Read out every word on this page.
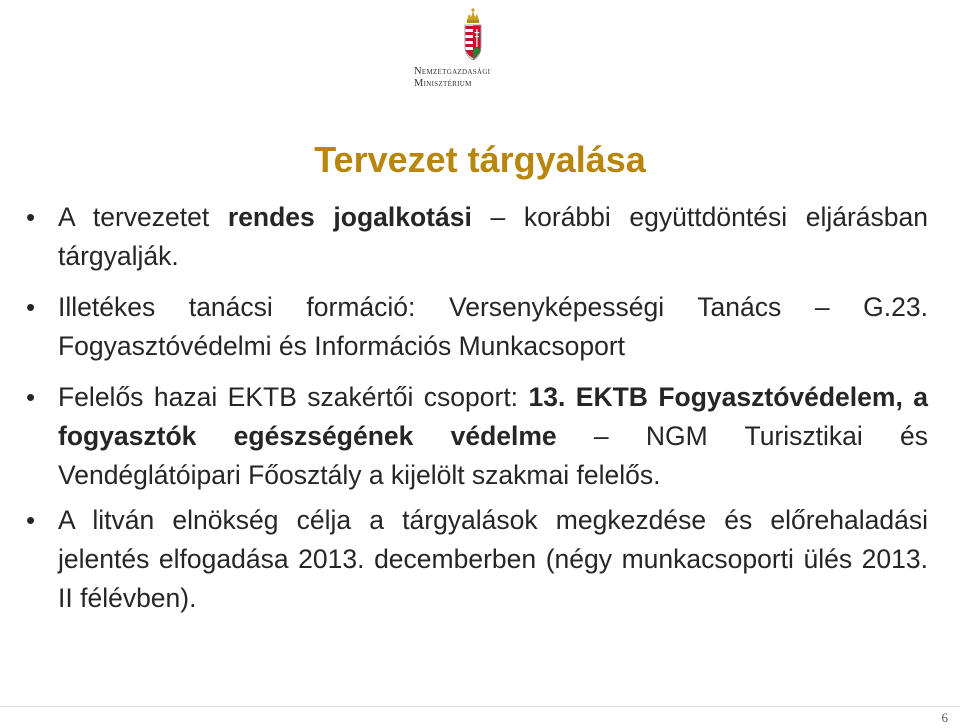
Nemzetgazdasági
Minisztérium
Tervezet tárgyalása
• A tervezetet rendes jogalkotási – korábbi együttdöntési eljárásban tárgyalják.
• Illetékes tanácsi formáció: Versenyképességi Tanács – G.23. Fogyasztóvédelmi és Információs Munkacsoport
• Felelős hazai EKTB szakértői csoport: 13. EKTB Fogyasztóvédelem, a fogyasztók egészségének védelme – NGM Turisztikai és Vendéglátóipari Főosztály a kijelölt szakmai felelős.
• A litván elnökség célja a tárgyalások megkezdése és előrehaladási jelentés elfogadása 2013. decemberben (négy munkacsoporti ülés 2013. II félévben).
6
